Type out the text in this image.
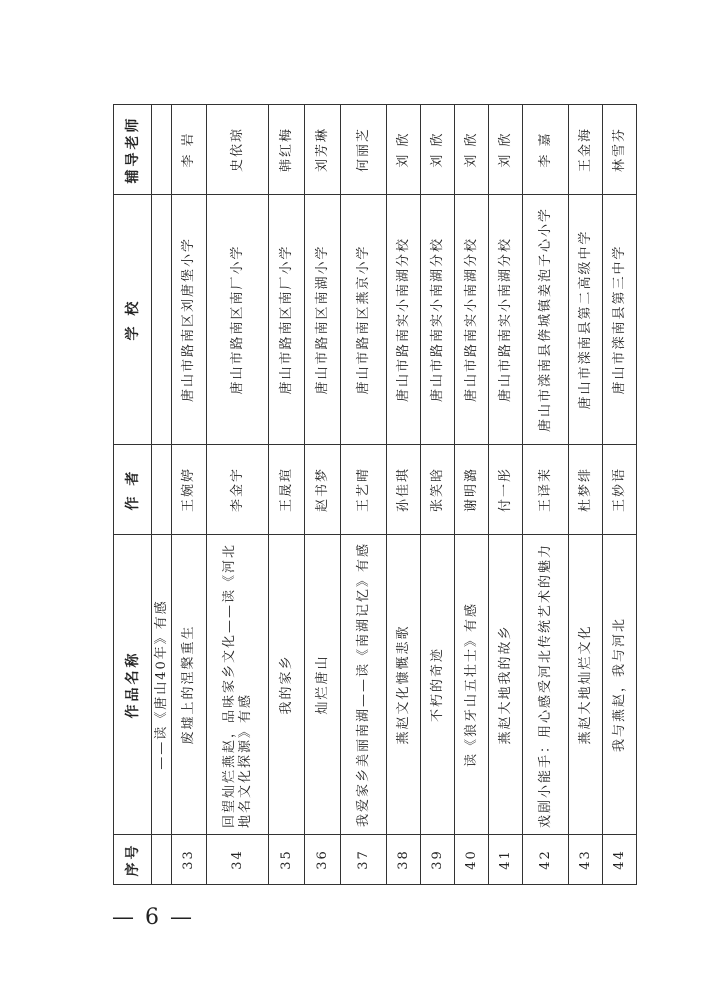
序号	作品名称	作 者	学 校	辅导老师
	——读《唐山40年》有感			
33	废墟上的涅槃重生	王婉婷	唐山市路南区刘唐堡小学	李 岩
34	回望灿烂燕赵，品味家乡文化——读《河北地名文化探源》有感	李金宇	唐山市路南区南厂小学	史依琼
35	我的家乡	王晟瑄	唐山市路南区南厂小学	韩红梅
36	灿烂唐山	赵书梦	唐山市路南区南湖小学	刘芳琳
37	我爱家乡美丽南湖——读《南湖记忆》有感	王艺晴	唐山市路南区燕京小学	何丽芝
38	燕赵文化慷慨悲歌	孙佳琪	唐山市路南实小南湖分校	刘 欣
39	不朽的奇迹	张笑晗	唐山市路南实小南湖分校	刘 欣
40	读《狼牙山五壮士》有感	谢明潞	唐山市路南实小南湖分校	刘 欣
41	燕赵大地我的故乡	付一彤	唐山市路南实小南湖分校	刘 欣
42	戏剧小能手：用心感受河北传统艺术的魅力	王译茉	唐山市滦南县倴城镇姜泡子心小学	李 嘉
43	燕赵大地灿烂文化	杜梦绯	唐山市滦南县第二高级中学	王金海
44	我与燕赵，我与河北	王妙语	唐山市滦南县第三中学	林雪芬
— 6 —
